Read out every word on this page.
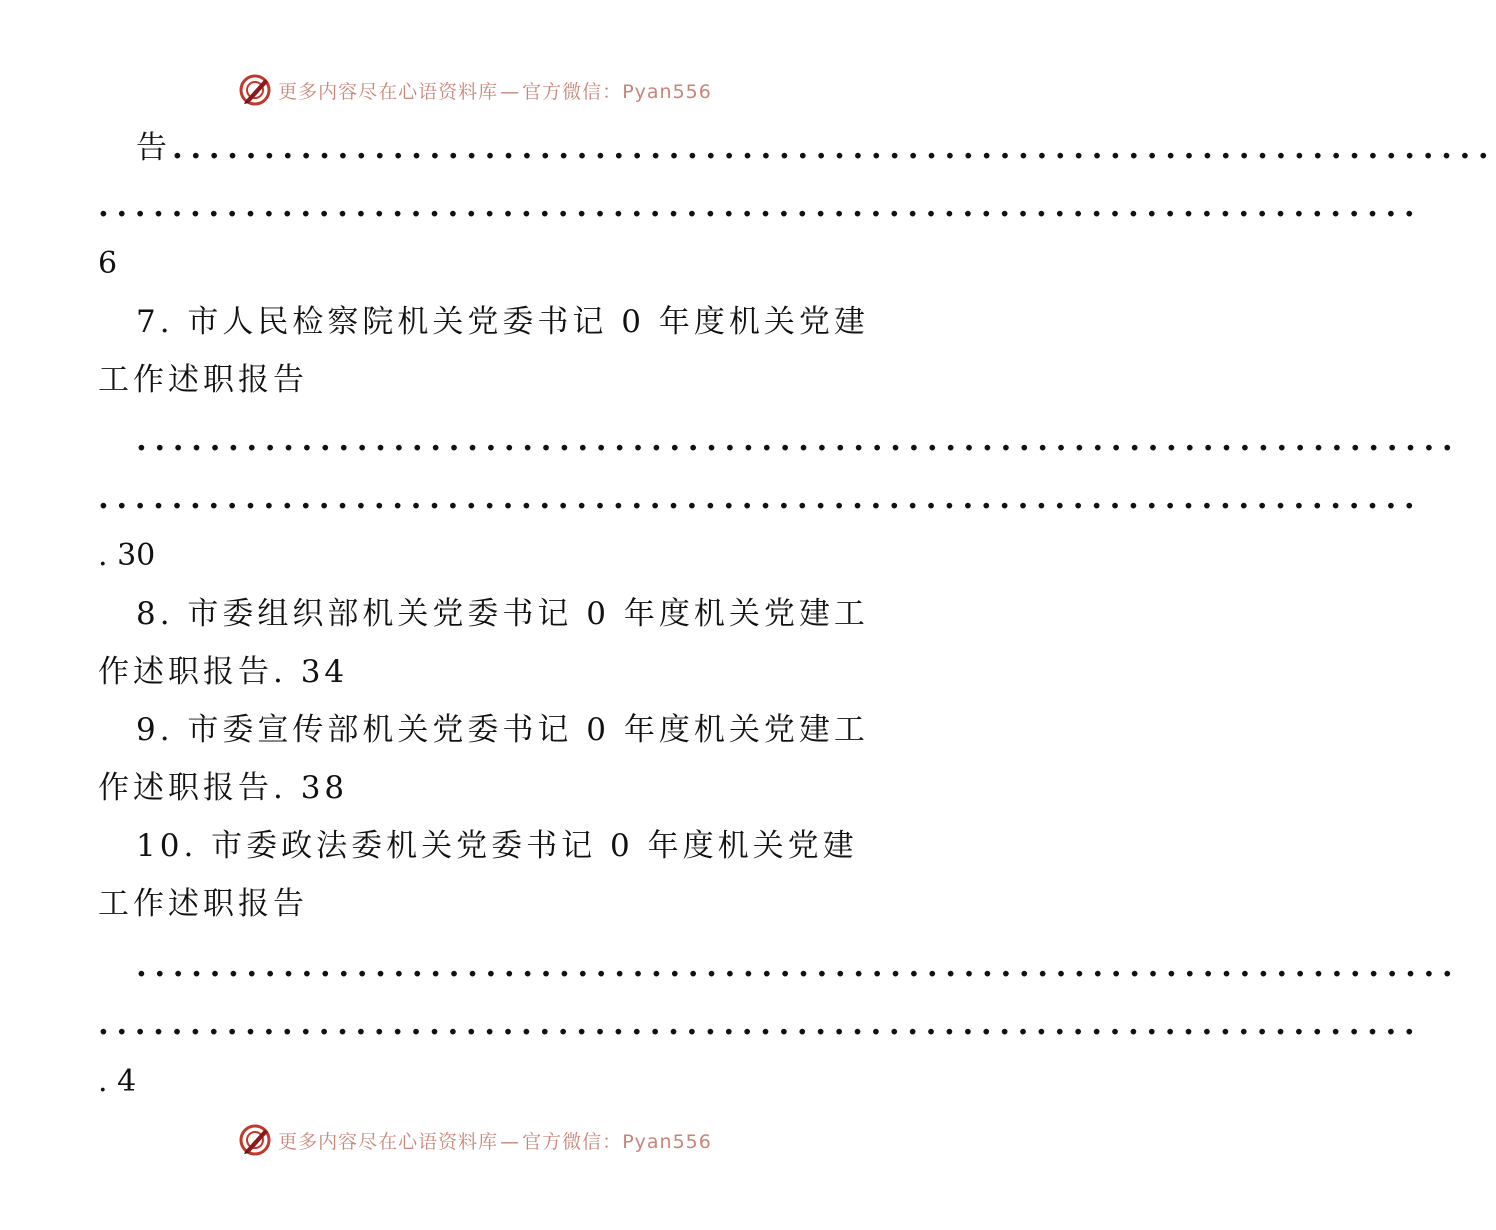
更多内容尽在心语资料库 — 官方微信：Pyan556
告 ........................................................................
........................................................................
6
7. 市人民检察院机关党委书记 0 年度机关党建
工作述职报告
........................................................................
........................................................................
. 30
8. 市委组织部机关党委书记 0 年度机关党建工
作述职报告. 34
9. 市委宣传部机关党委书记 0 年度机关党建工
作述职报告. 38
10. 市委政法委机关党委书记 0 年度机关党建
工作述职报告
........................................................................
........................................................................
. 4
更多内容尽在心语资料库 — 官方微信：Pyan556
